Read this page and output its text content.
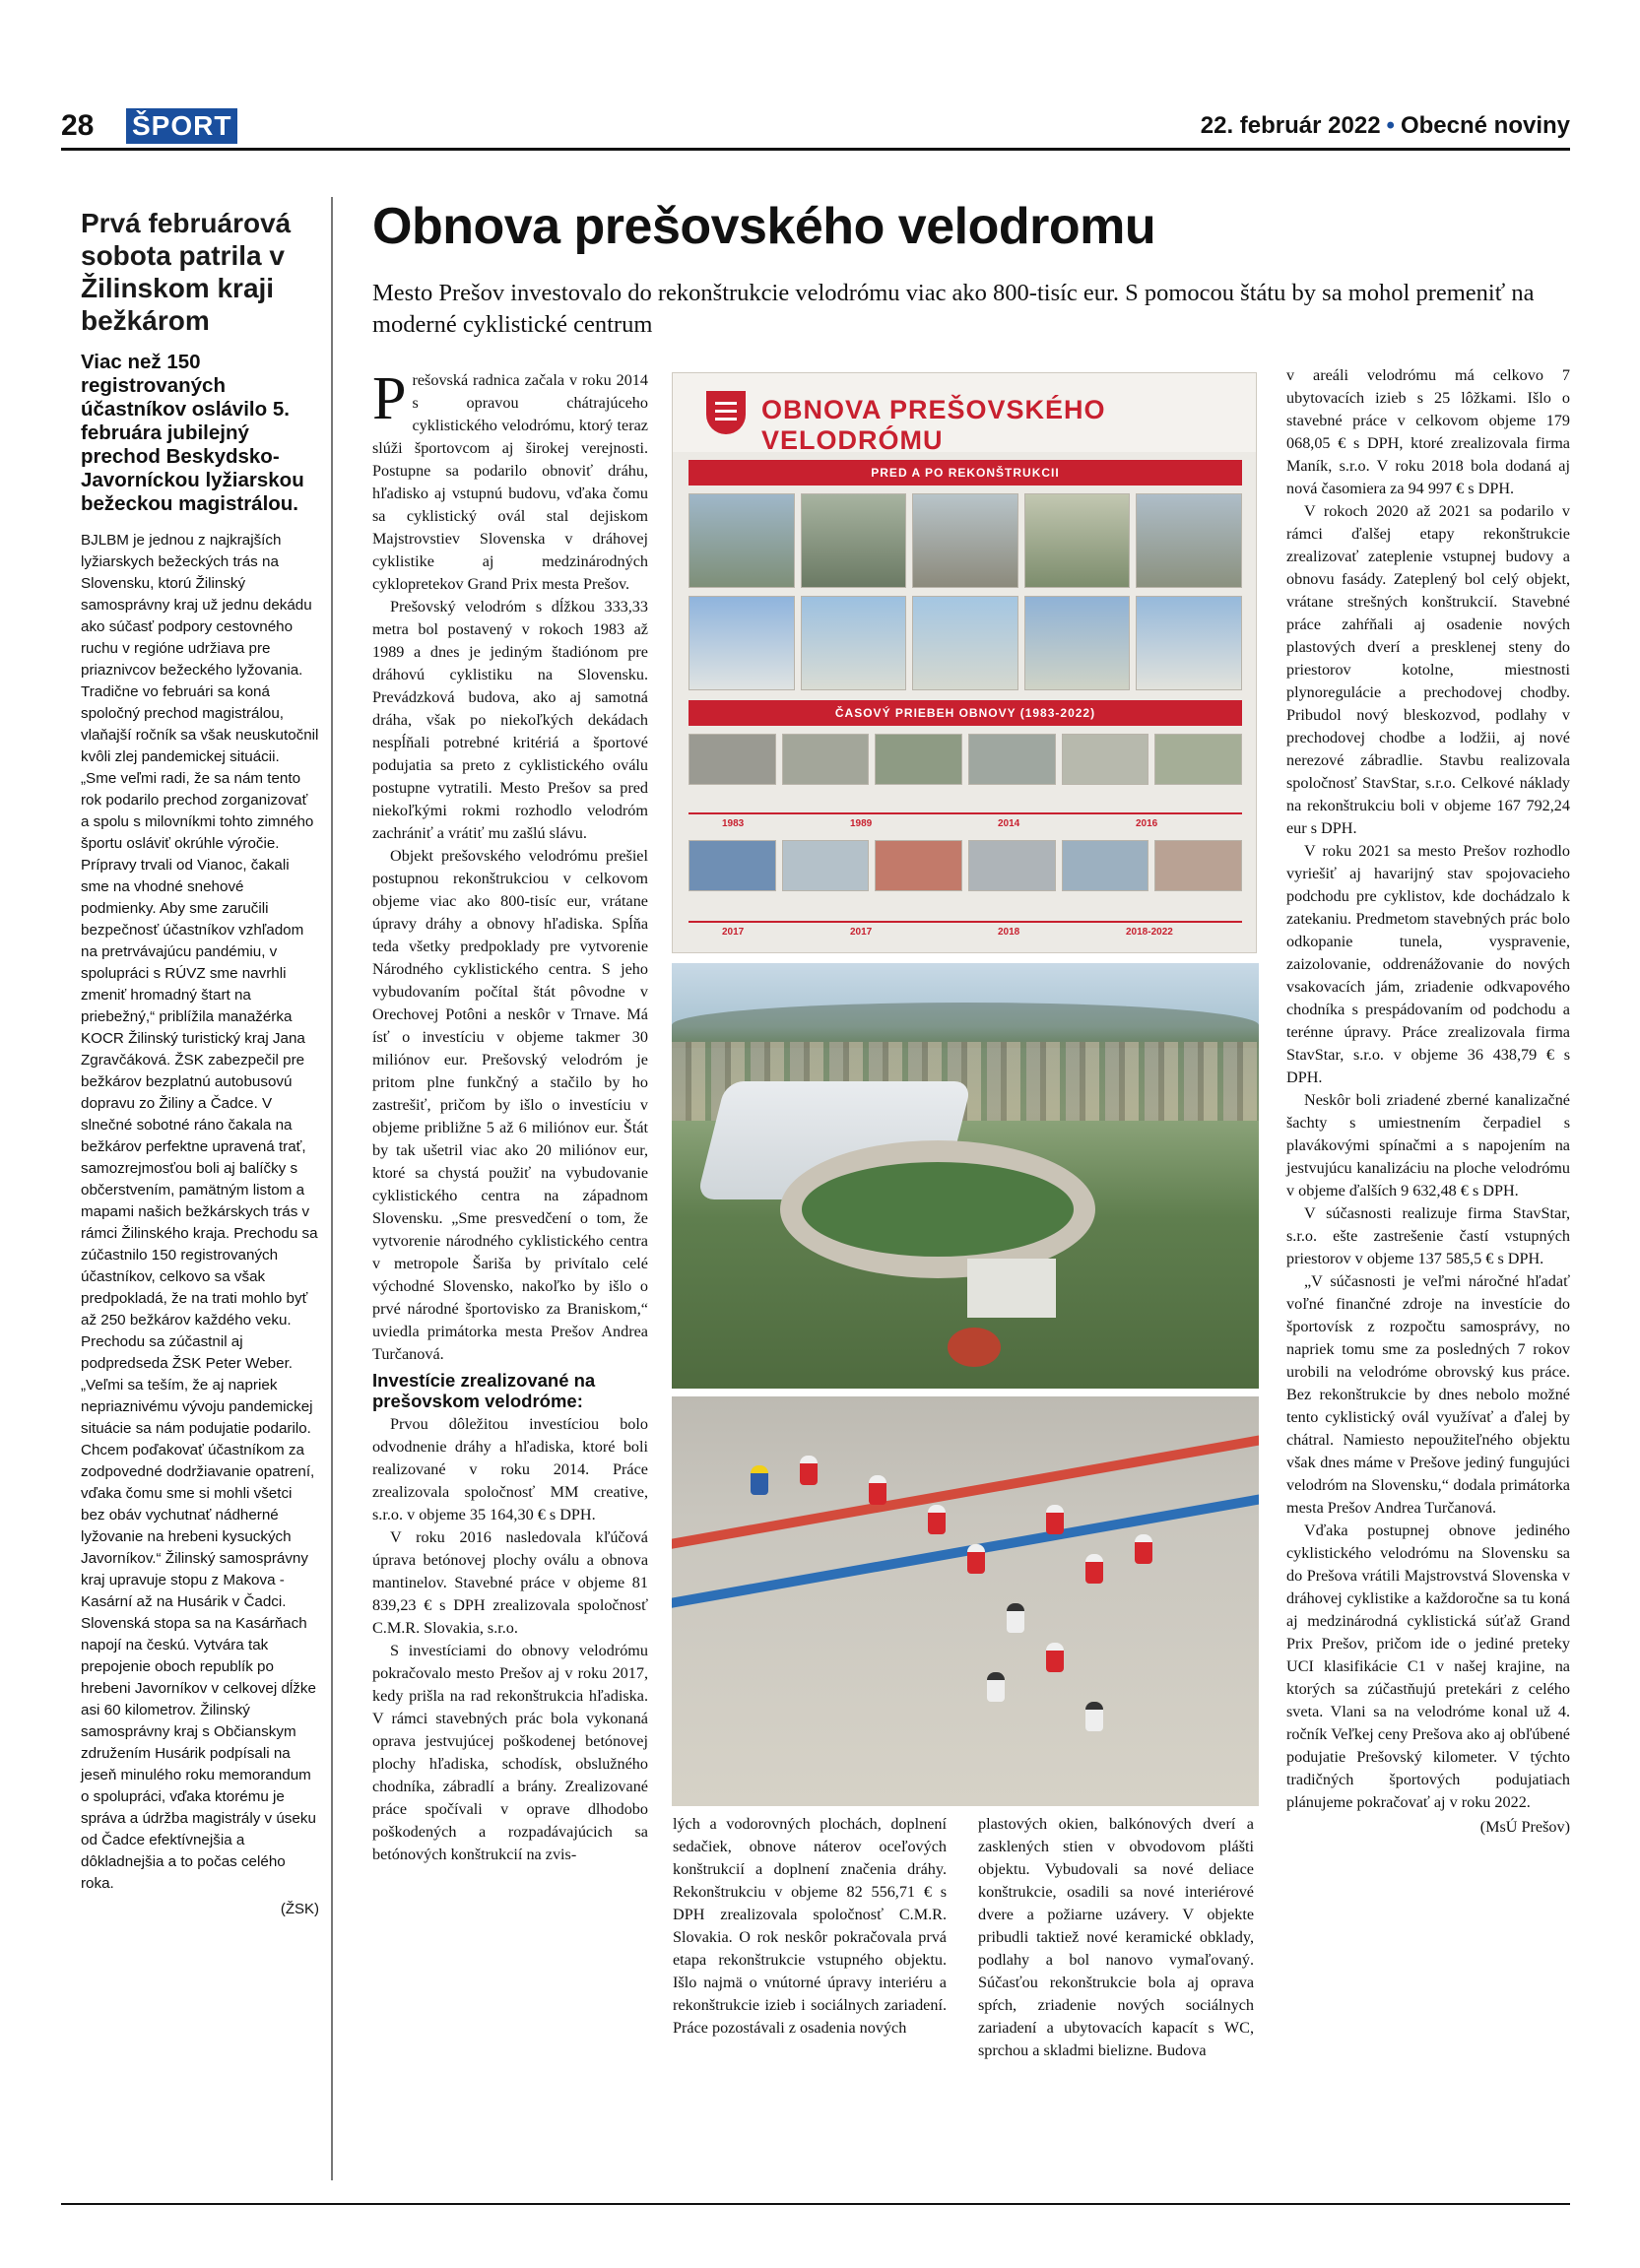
28 ŠPORT	22. február 2022 • Obecné noviny
Prvá februárová sobota patrila v Žilinskom kraji bežkárom
Viac než 150 registrovaných účastníkov oslávilo 5. februára jubilejný prechod Beskydsko-Javorníckou lyžiarskou bežeckou magistrálou.
BJLBM je jednou z najkrajších lyžiarskych bežeckých trás na Slovensku, ktorú Žilinský samosprávny kraj už jednu dekádu ako súčasť podpory cestovného ruchu v regióne udržiava pre priaznivcov bežeckého lyžovania. Tradične vo februári sa koná spoločný prechod magistrálou, vlaňajší ročník sa však neuskutočnil kvôli zlej pandemickej situácii. „Sme veľmi radi, že sa nám tento rok podarilo prechod zorganizovať a spolu s milovníkmi tohto zimného športu osláviť okrúhle výročie. Prípravy trvali od Vianoc, čakali sme na vhodné snehové podmienky. Aby sme zaručili bezpečnosť účastníkov vzhľadom na pretrvávajúcu pandémiu, v spolupráci s RÚVZ sme navrhli zmeniť hromadný štart na priebežný,“ priblížila manažérka KOCR Žilinský turistický kraj Jana Zgravčáková. ŽSK zabezpečil pre bežkárov bezplatnú autobusovú dopravu zo Žiliny a Čadce. V slnečné sobotné ráno čakala na bežkárov perfektne upravená trať, samozrejmosťou boli aj balíčky s občerstvením, pamätným listom a mapami našich bežkárskych trás v rámci Žilinského kraja. Prechodu sa zúčastnilo 150 registrovaných účastníkov, celkovo sa však predpokladá, že na trati mohlo byť až 250 bežkárov každého veku. Prechodu sa zúčastnil aj podpredseda ŽSK Peter Weber. „Veľmi sa teším, že aj napriek nepriaznivému vývoju pandemickej situácie sa nám podujatie podarilo. Chcem poďakovať účastníkom za zodpovedné dodržiavanie opatrení, vďaka čomu sme si mohli všetci bez obáv vychutnať nádherné lyžovanie na hrebeni kysuckých Javorníkov.“ Žilinský samosprávny kraj upravuje stopu z Makova - Kasární až na Husárik v Čadci. Slovenská stopa sa na Kasárňach napojí na českú. Vytvára tak prepojenie oboch republík po hrebeni Javorníkov v celkovej dĺžke asi 60 kilometrov. Žilinský samosprávny kraj s Občianskym združením Husárik podpísali na jeseň minulého roku memorandum o spolupráci, vďaka ktorému je správa a údržba magistrály v úseku od Čadce efektívnejšia a dôkladnejšia a to počas celého roka.
(ŽSK)
Obnova prešovského velodromu
Mesto Prešov investovalo do rekonštrukcie velodrómu viac ako 800-tisíc eur. S pomocou štátu by sa mohol premeniť na moderné cyklistické centrum

Prešovská radnica začala v roku 2014 s opravou chátrajúceho cyklistického velodrómu, ktorý teraz slúži športovcom aj širokej verejnosti. Postupne sa podarilo obnoviť dráhu, hľadisko aj vstupnú budovu, vďaka čomu sa cyklistický ovál stal dejiskom Majstrovstiev Slovenska v dráhovej cyklistike aj medzinárodných cyklopretekov Grand Prix mesta Prešov.

Prešovský velodróm s dĺžkou 333,33 metra bol postavený v rokoch 1983 až 1989 a dnes je jediným štadiónom pre dráhovú cyklistiku na Slovensku. Prevádzková budova, ako aj samotná dráha, však po niekoľkých dekádach nespĺňali potrebné kritériá a športové podujatia sa preto z cyklistického oválu postupne vytratili. Mesto Prešov sa pred niekoľkými rokmi rozhodlo velodróm zachrániť a vrátiť mu zašlú slávu.

Objekt prešovského velodrómu prešiel postupnou rekonštrukciou v celkovom objeme viac ako 800-tisíc eur, vrátane úpravy dráhy a obnovy hľadiska. Spĺňa teda všetky predpoklady pre vytvorenie Národného cyklistického centra. S jeho vybudovaním počítal štát pôvodne v Orechovej Potôni a neskôr v Trnave. Má ísť o investíciu v objeme takmer 30 miliónov eur. Prešovský velodróm je pritom plne funkčný a stačilo by ho zastrešiť, pričom by išlo o investíciu v objeme približne 5 až 6 miliónov eur. Štát by tak ušetril viac ako 20 miliónov eur, ktoré sa chystá použiť na vybudovanie cyklistického centra na západnom Slovensku. „Sme presvedčení o tom, že vytvorenie národného cyklistického centra v metropole Šariša by privítalo celé východné Slovensko, nakoľko by išlo o prvé národné športovisko za Braniskom,“ uviedla primátorka mesta Prešov Andrea Turčanová.

Investície zrealizované na prešovskom velodróme:

Prvou dôležitou investíciou bolo odvodnenie dráhy a hľadiska, ktoré boli realizované v roku 2014. Práce zrealizovala spoločnosť MM creative, s.r.o. v objeme 35 164,30 € s DPH.

V roku 2016 nasledovala kľúčová úprava betónovej plochy oválu a obnova mantinelov. Stavebné práce v objeme 81 839,23 € s DPH zrealizovala spoločnosť C.M.R. Slovakia, s.r.o.

S investíciami do obnovy velodrómu pokračovalo mesto Prešov aj v roku 2017, kedy prišla na rad rekonštrukcia hľadiska. V rámci stavebných prác bola vykonaná oprava jestvujúcej poškodenej betónovej plochy hľadiska, schodísk, obslužného chodníka, zábradlí a brány. Zrealizované práce spočívali v oprave dlhodobo poškodených a rozpadávajúcich sa betónových konštrukcií na zvis-

OBNOVA PREŠOVSKÉHO VELODRÓMU
PRED A PO REKONŠTRUKCII
ČASOVÝ PRIEBEH OBNOVY (1983-2022)
1983	1989	2014	2016
2017	2017	2018	2018-2022
lých a vodorovných plochách, doplnení sedačiek, obnove náterov oceľových konštrukcií a doplnení značenia dráhy. Rekonštrukciu v objeme 82 556,71 € s DPH zrealizovala spoločnosť C.M.R. Slovakia. O rok neskôr pokračovala prvá etapa rekonštrukcie vstupného objektu. Išlo najmä o vnútorné úpravy interiéru a rekonštrukcie izieb i sociálnych zariadení. Práce pozostávali z osadenia nových
plastových okien, balkónových dverí a zasklených stien v obvodovom plášti objektu. Vybudovali sa nové deliace konštrukcie, osadili sa nové interiérové dvere a požiarne uzávery. V objekte pribudli taktiež nové keramické obklady, podlahy a bol nanovo vymaľovaný. Súčasťou rekonštrukcie bola aj oprava spŕch, zriadenie nových sociálnych zariadení a ubytovacích kapacít s WC, sprchou a skladmi bielizne. Budova

v areáli velodrómu má celkovo 7 ubytovacích izieb s 25 lôžkami. Išlo o stavebné práce v celkovom objeme 179 068,05 € s DPH, ktoré zrealizovala firma Maník, s.r.o. V roku 2018 bola dodaná aj nová časomiera za 94 997 € s DPH.

V rokoch 2020 až 2021 sa podarilo v rámci ďalšej etapy rekonštrukcie zrealizovať zateplenie vstupnej budovy a obnovu fasády. Zateplený bol celý objekt, vrátane strešných konštrukcií. Stavebné práce zahŕňali aj osadenie nových plastových dverí a presklenej steny do priestorov kotolne, miestnosti plynoregulácie a prechodovej chodby. Pribudol nový bleskozvod, podlahy v prechodovej chodbe a lodžii, aj nové nerezové zábradlie. Stavbu realizovala spoločnosť StavStar, s.r.o. Celkové náklady na rekonštrukciu boli v objeme 167 792,24 eur s DPH.

V roku 2021 sa mesto Prešov rozhodlo vyriešiť aj havarijný stav spojovacieho podchodu pre cyklistov, kde dochádzalo k zatekaniu. Predmetom stavebných prác bolo odkopanie tunela, vyspravenie, zaizolovanie, oddrenážovanie do nových vsakovacích jám, zriadenie odkvapového chodníka s prespádovaním od podchodu a terénne úpravy. Práce zrealizovala firma StavStar, s.r.o. v objeme 36 438,79 € s DPH.

Neskôr boli zriadené zberné kanalizačné šachty s umiestnením čerpadiel s plavákovými spínačmi a s napojením na jestvujúcu kanalizáciu na ploche velodrómu v objeme ďalších 9 632,48 € s DPH.

V súčasnosti realizuje firma StavStar, s.r.o. ešte zastrešenie častí vstupných priestorov v objeme 137 585,5 € s DPH.

„V súčasnosti je veľmi náročné hľadať voľné finančné zdroje na investície do športovísk z rozpočtu samosprávy, no napriek tomu sme za posledných 7 rokov urobili na velodróme obrovský kus práce. Bez rekonštrukcie by dnes nebolo možné tento cyklistický ovál využívať a ďalej by chátral. Namiesto nepoužiteľného objektu však dnes máme v Prešove jediný fungujúci velodróm na Slovensku,“ dodala primátorka mesta Prešov Andrea Turčanová.

Vďaka postupnej obnove jediného cyklistického velodrómu na Slovensku sa do Prešova vrátili Majstrovstvá Slovenska v dráhovej cyklistike a každoročne sa tu koná aj medzinárodná cyklistická súťaž Grand Prix Prešov, pričom ide o jediné preteky UCI klasifikácie C1 v našej krajine, na ktorých sa zúčastňujú pretekári z celého sveta. Vlani sa na velodróme konal už 4. ročník Veľkej ceny Prešova ako aj obľúbené podujatie Prešovský kilometer. V týchto tradičných športových podujatiach plánujeme pokračovať aj v roku 2022.

(MsÚ Prešov)
